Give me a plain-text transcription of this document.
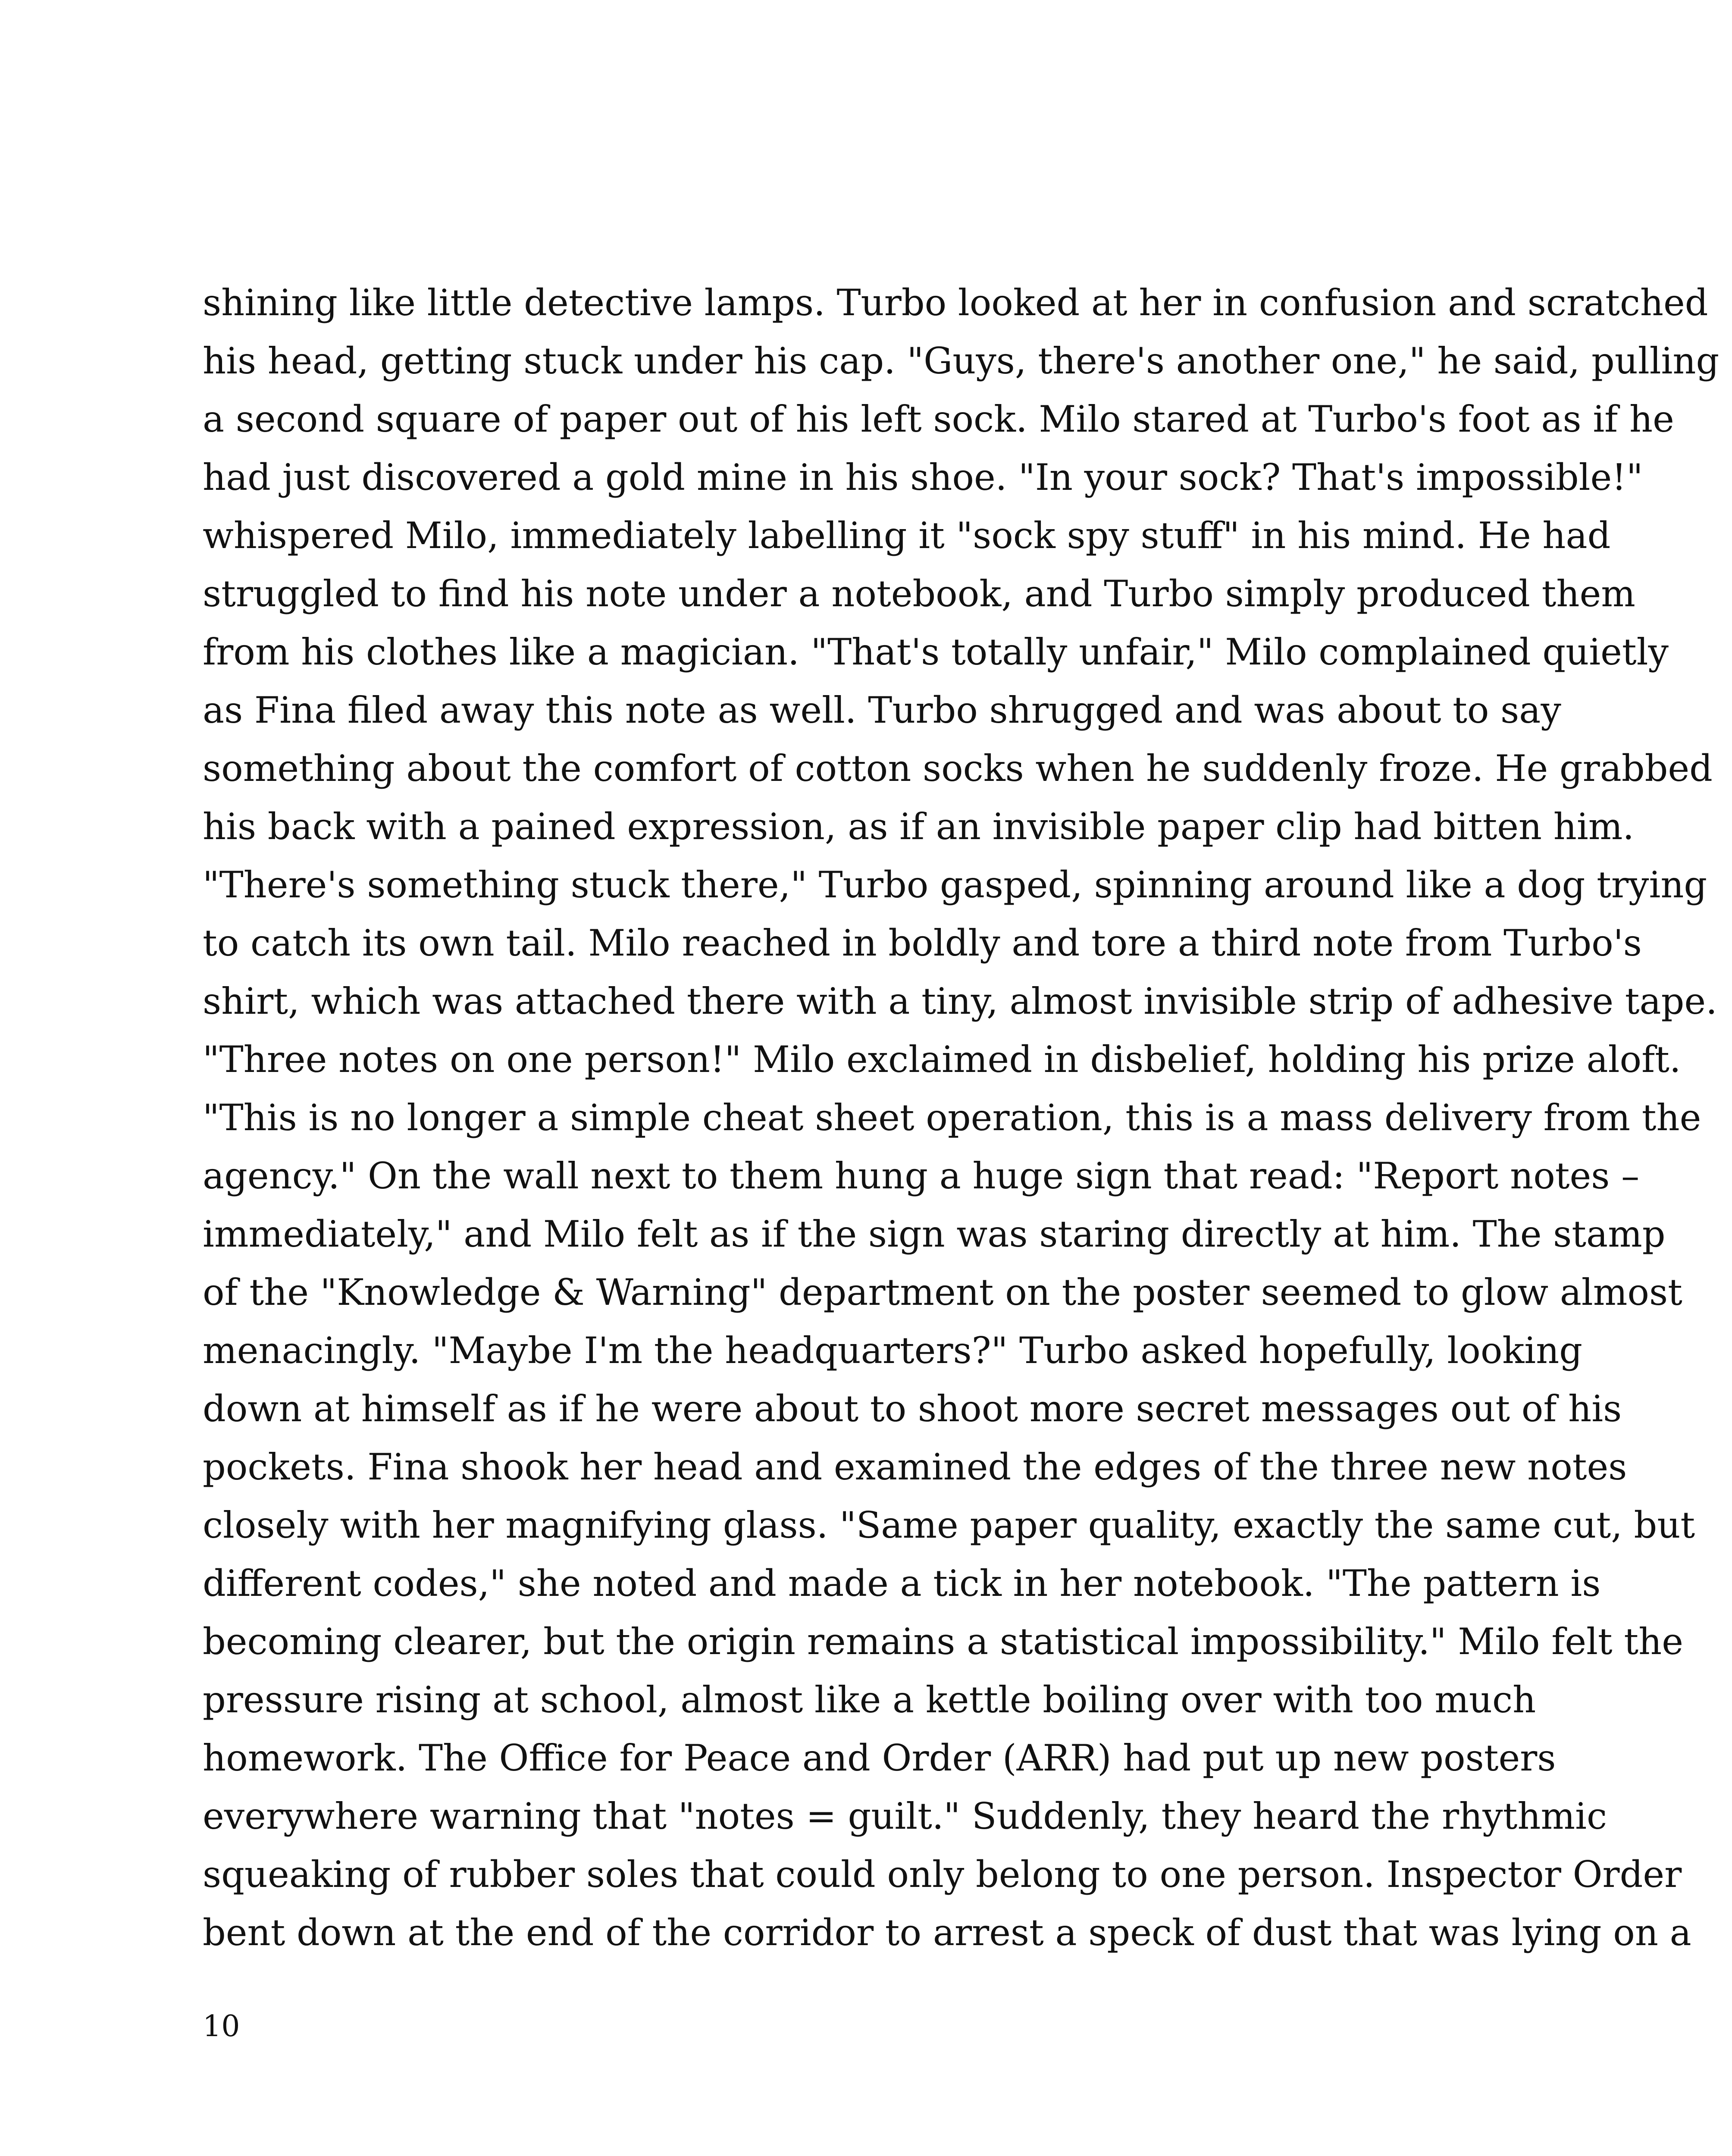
shining like little detective lamps. Turbo looked at her in confusion and scratched
his head, getting stuck under his cap. "Guys, there's another one," he said, pulling
a second square of paper out of his left sock. Milo stared at Turbo's foot as if he
had just discovered a gold mine in his shoe. "In your sock? That's impossible!"
whispered Milo, immediately labelling it "sock spy stuff" in his mind. He had
struggled to find his note under a notebook, and Turbo simply produced them
from his clothes like a magician. "That's totally unfair," Milo complained quietly
as Fina filed away this note as well. Turbo shrugged and was about to say
something about the comfort of cotton socks when he suddenly froze. He grabbed
his back with a pained expression, as if an invisible paper clip had bitten him.
"There's something stuck there," Turbo gasped, spinning around like a dog trying
to catch its own tail. Milo reached in boldly and tore a third note from Turbo's
shirt, which was attached there with a tiny, almost invisible strip of adhesive tape.
"Three notes on one person!" Milo exclaimed in disbelief, holding his prize aloft.
"This is no longer a simple cheat sheet operation, this is a mass delivery from the
agency." On the wall next to them hung a huge sign that read: "Report notes –
immediately," and Milo felt as if the sign was staring directly at him. The stamp
of the "Knowledge & Warning" department on the poster seemed to glow almost
menacingly. "Maybe I'm the headquarters?" Turbo asked hopefully, looking
down at himself as if he were about to shoot more secret messages out of his
pockets. Fina shook her head and examined the edges of the three new notes
closely with her magnifying glass. "Same paper quality, exactly the same cut, but
different codes," she noted and made a tick in her notebook. "The pattern is
becoming clearer, but the origin remains a statistical impossibility." Milo felt the
pressure rising at school, almost like a kettle boiling over with too much
homework. The Office for Peace and Order (ARR) had put up new posters
everywhere warning that "notes = guilt." Suddenly, they heard the rhythmic
squeaking of rubber soles that could only belong to one person. Inspector Order
bent down at the end of the corridor to arrest a speck of dust that was lying on a
10
